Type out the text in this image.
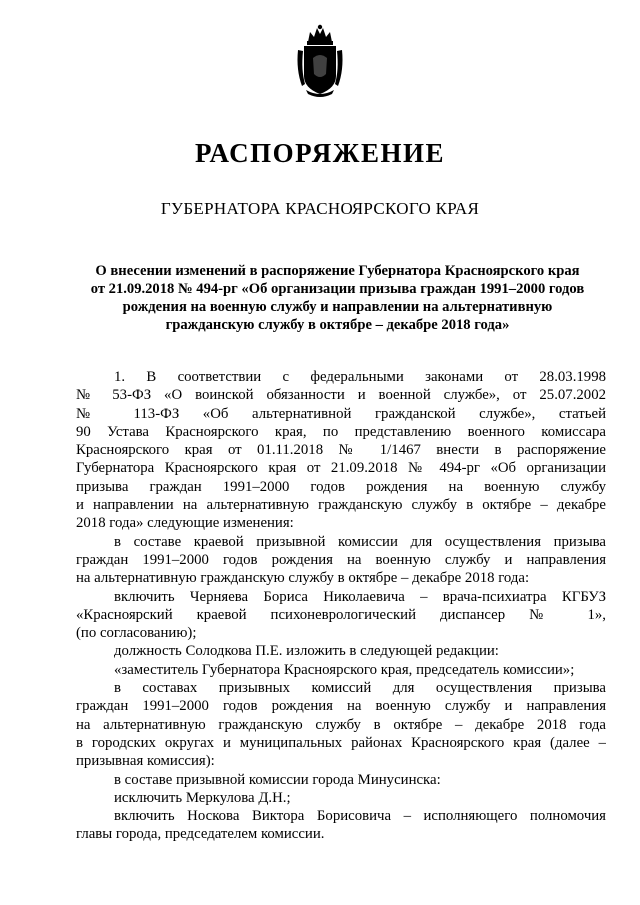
РАСПОРЯЖЕНИЕ
ГУБЕРНАТОРА КРАСНОЯРСКОГО КРАЯ
О внесении изменений в распоряжение Губернатора Красноярского края
от 21.09.2018 № 494-рг «Об организации призыва граждан 1991–2000 годов
рождения на военную службу и направлении на альтернативную
гражданскую службу в октябре – декабре 2018 года»
1. В соответствии с федеральными законами от 28.03.1998
№ 53-ФЗ «О воинской обязанности и военной службе», от 25.07.2002
№ 113-ФЗ «Об альтернативной гражданской службе», статьей
90 Устава Красноярского края, по представлению военного комиссара
Красноярского края от 01.11.2018 № 1/1467 внести в распоряжение
Губернатора Красноярского края от 21.09.2018 № 494-рг «Об организации
призыва граждан 1991–2000 годов рождения на военную службу
и направлении на альтернативную гражданскую службу в октябре – декабре
2018 года» следующие изменения:
в составе краевой призывной комиссии для осуществления призыва
граждан 1991–2000 годов рождения на военную службу и направления
на альтернативную гражданскую службу в октябре – декабре 2018 года:
включить Черняева Бориса Николаевича – врача-психиатра КГБУЗ
«Красноярский краевой психоневрологический диспансер № 1»,
(по согласованию);
должность Солодкова П.Е. изложить в следующей редакции:
«заместитель Губернатора Красноярского края, председатель комиссии»;
в составах призывных комиссий для осуществления призыва
граждан 1991–2000 годов рождения на военную службу и направления
на альтернативную гражданскую службу в октябре – декабре 2018 года
в городских округах и муниципальных районах Красноярского края (далее –
призывная комиссия):
в составе призывной комиссии города Минусинска:
исключить Меркулова Д.Н.;
включить Носкова Виктора Борисовича – исполняющего полномочия
главы города, председателем комиссии.
